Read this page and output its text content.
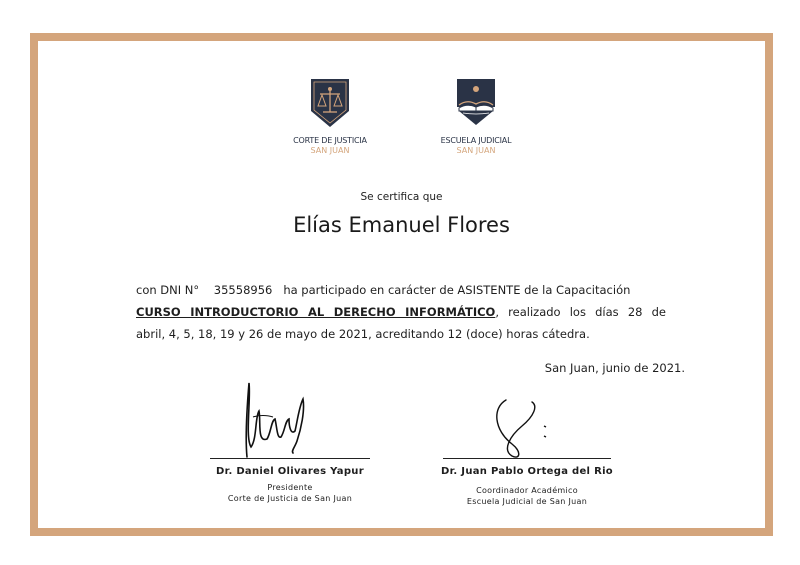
CORTE DE JUSTICIA
SAN JUAN
ESCUELA JUDICIAL
SAN JUAN
Se certifica que
Elías Emanuel Flores
con DNI N° 35558956 ha participado en carácter de ASISTENTE de la Capacitación
CURSO INTRODUCTORIO AL DERECHO INFORMÁTICO, realizado los días 28 de
abril, 4, 5, 18, 19 y 26 de mayo de 2021, acreditando 12 (doce) horas cátedra.
San Juan, junio de 2021.
Dr. Daniel Olivares Yapur
Presidente
Corte de Justicia de San Juan
Dr. Juan Pablo Ortega del Rio
Coordinador Académico
Escuela Judicial de San Juan
